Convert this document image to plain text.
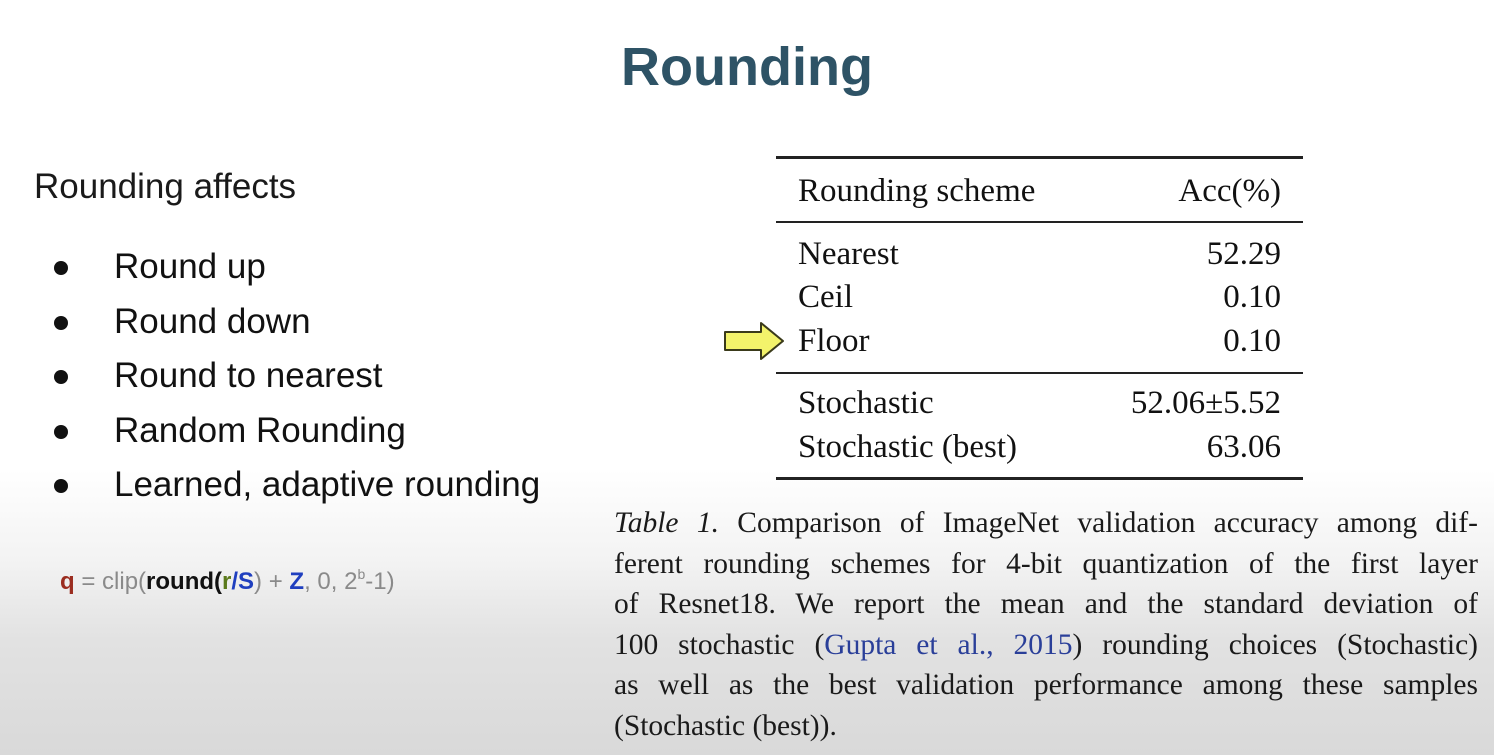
Rounding
Rounding affects
Round up
Round down
Round to nearest
Random Rounding
Learned, adaptive rounding
q = clip(round(r/S) + Z, 0, 2$^b$-1)
Rounding scheme	Acc(%)
Nearest	52.29
Ceil	0.10
Floor	0.10
Stochastic	52.06±5.52
Stochastic (best)	63.06
Table 1. Comparison of ImageNet validation accuracy among dif-
ferent rounding schemes for 4-bit quantization of the first layer
of Resnet18. We report the mean and the standard deviation of
100 stochastic (Gupta et al., 2015) rounding choices (Stochastic)
as well as the best validation performance among these samples
(Stochastic (best)).
